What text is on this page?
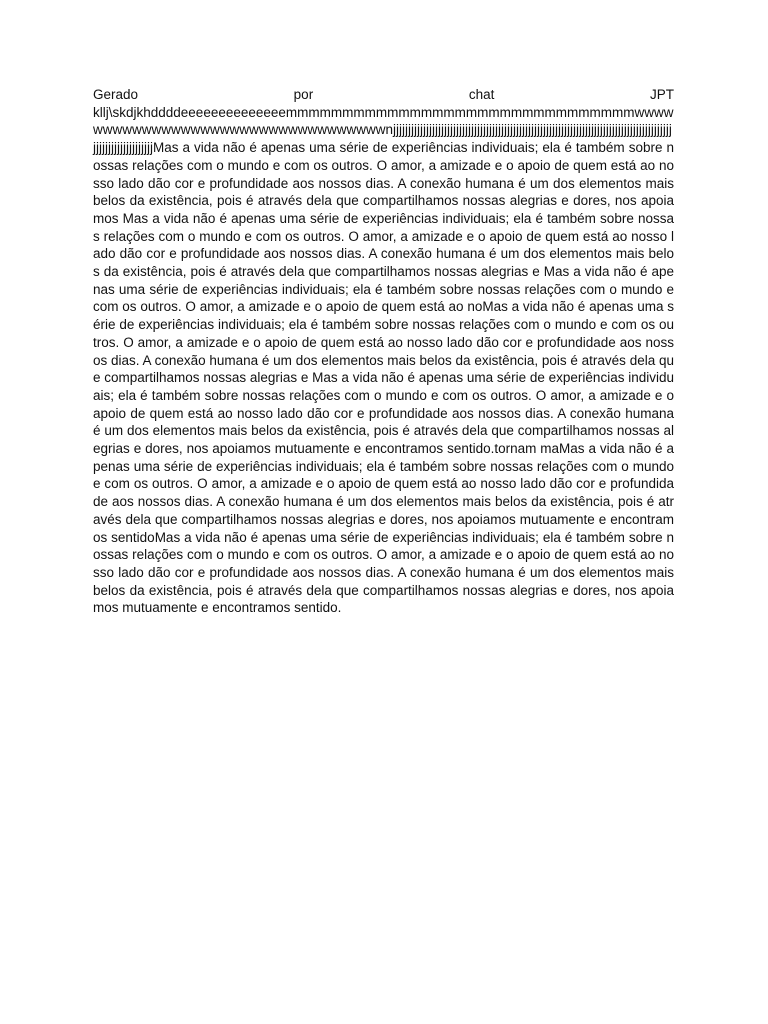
Gerado por chat JPT
kllj\skdjkhddddeeeeeeeeeeeeeemmmmmmmmmmmmmmmmmmmmmmmmmmmmmmmwwwwwwwwwwwwwwwwwwwwwwwwwwwwwwwwwwnjjjjjjjjjjjjjjjjjjjjjjjjjjjjjjjjjjjjjjjjjjjjjjjjjjjjjjjjjjjjjjjjjjjjjjjjjjjjjjjjjjjjjjjjjjjjjjjjjjjjjjjjjjjjjjjjjMas a vida não é apenas uma série de experiências individuais; ela é também sobre nossas relações com o mundo e com os outros. O amor, a amizade e o apoio de quem está ao nosso lado dão cor e profundidade aos nossos dias. A conexão humana é um dos elementos mais belos da existência, pois é através dela que compartilhamos nossas alegrias e dores, nos apoiamos Mas a vida não é apenas uma série de experiências individuais; ela é também sobre nossas relações com o mundo e com os outros. O amor, a amizade e o apoio de quem está ao nosso lado dão cor e profundidade aos nossos dias. A conexão humana é um dos elementos mais belos da existência, pois é através dela que compartilhamos nossas alegrias e Mas a vida não é apenas uma série de experiências individuais; ela é também sobre nossas relações com o mundo e com os outros. O amor, a amizade e o apoio de quem está ao noMas a vida não é apenas uma série de experiências individuais; ela é também sobre nossas relações com o mundo e com os outros. O amor, a amizade e o apoio de quem está ao nosso lado dão cor e profundidade aos nossos dias. A conexão humana é um dos elementos mais belos da existência, pois é através dela que compartilhamos nossas alegrias e Mas a vida não é apenas uma série de experiências individuais; ela é também sobre nossas relações com o mundo e com os outros. O amor, a amizade e o apoio de quem está ao nosso lado dão cor e profundidade aos nossos dias. A conexão humana é um dos elementos mais belos da existência, pois é através dela que compartilhamos nossas alegrias e dores, nos apoiamos mutuamente e encontramos sentido.tornam maMas a vida não é apenas uma série de experiências individuais; ela é também sobre nossas relações com o mundo e com os outros. O amor, a amizade e o apoio de quem está ao nosso lado dão cor e profundidade aos nossos dias. A conexão humana é um dos elementos mais belos da existência, pois é através dela que compartilhamos nossas alegrias e dores, nos apoiamos mutuamente e encontramos sentidoMas a vida não é apenas uma série de experiências individuais; ela é também sobre nossas relações com o mundo e com os outros. O amor, a amizade e o apoio de quem está ao nosso lado dão cor e profundidade aos nossos dias. A conexão humana é um dos elementos mais belos da existência, pois é através dela que compartilhamos nossas alegrias e dores, nos apoiamos mutuamente e encontramos sentido.
